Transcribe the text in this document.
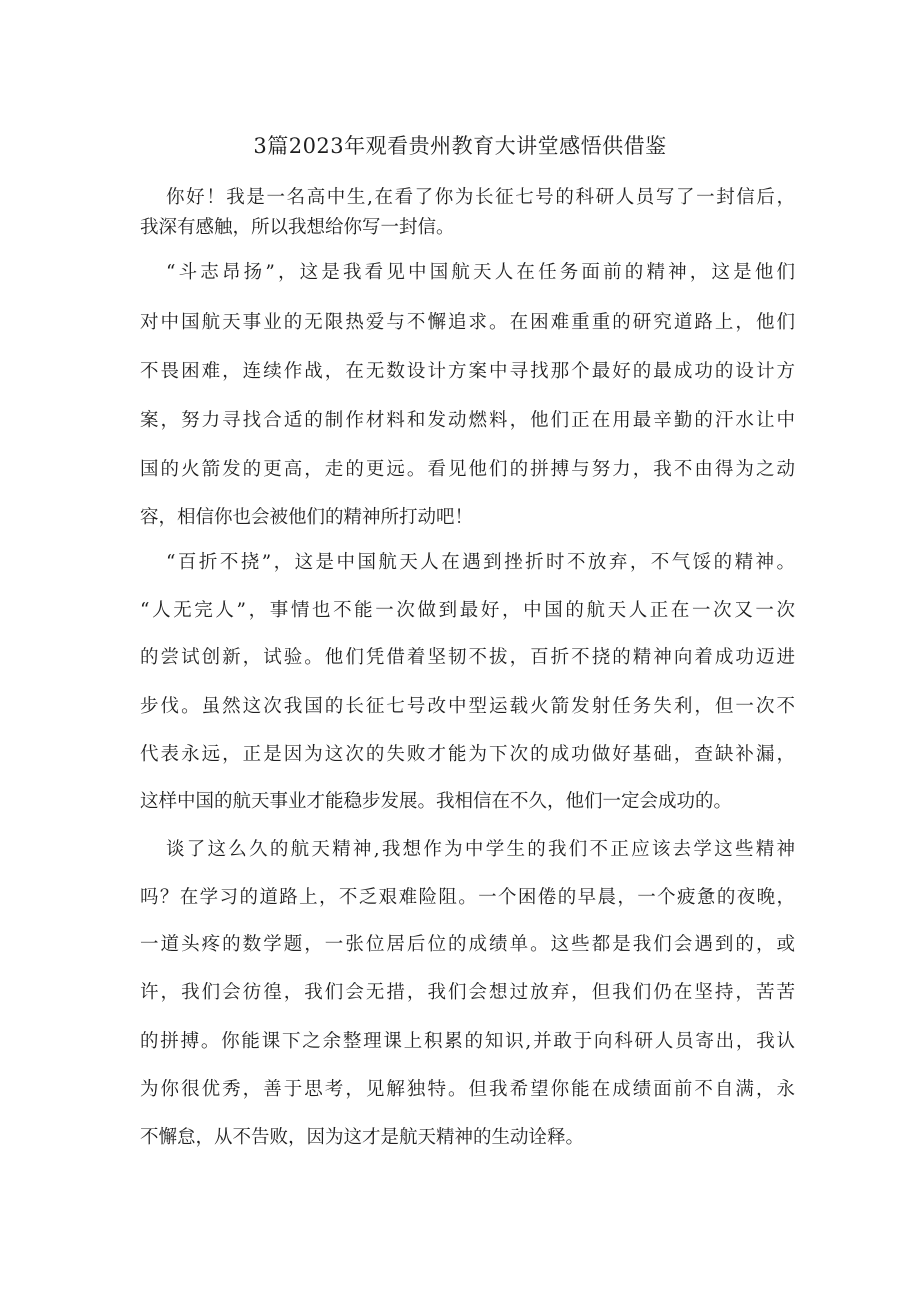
3篇2023年观看贵州教育大讲堂感悟供借鉴
你好！我是一名高中生,在看了你为长征七号的科研人员写了一封信后，
我深有感触，所以我想给你写一封信。
“斗志昂扬”，这是我看见中国航天人在任务面前的精神，这是他们
对中国航天事业的无限热爱与不懈追求。在困难重重的研究道路上，他们
不畏困难，连续作战，在无数设计方案中寻找那个最好的最成功的设计方
案，努力寻找合适的制作材料和发动燃料，他们正在用最辛勤的汗水让中
国的火箭发的更高，走的更远。看见他们的拼搏与努力，我不由得为之动
容，相信你也会被他们的精神所打动吧！
“百折不挠”，这是中国航天人在遇到挫折时不放弃，不气馁的精神。
“人无完人”，事情也不能一次做到最好，中国的航天人正在一次又一次
的尝试创新，试验。他们凭借着坚韧不拔，百折不挠的精神向着成功迈进
步伐。虽然这次我国的长征七号改中型运载火箭发射任务失利，但一次不
代表永远，正是因为这次的失败才能为下次的成功做好基础，查缺补漏，
这样中国的航天事业才能稳步发展。我相信在不久，他们一定会成功的。
谈了这么久的航天精神,我想作为中学生的我们不正应该去学这些精神
吗？在学习的道路上，不乏艰难险阻。一个困倦的早晨，一个疲惫的夜晚，
一道头疼的数学题，一张位居后位的成绩单。这些都是我们会遇到的，或
许，我们会彷徨，我们会无措，我们会想过放弃，但我们仍在坚持，苦苦
的拼搏。你能课下之余整理课上积累的知识,并敢于向科研人员寄出，我认
为你很优秀，善于思考，见解独特。但我希望你能在成绩面前不自满，永
不懈怠，从不告败，因为这才是航天精神的生动诠释。
